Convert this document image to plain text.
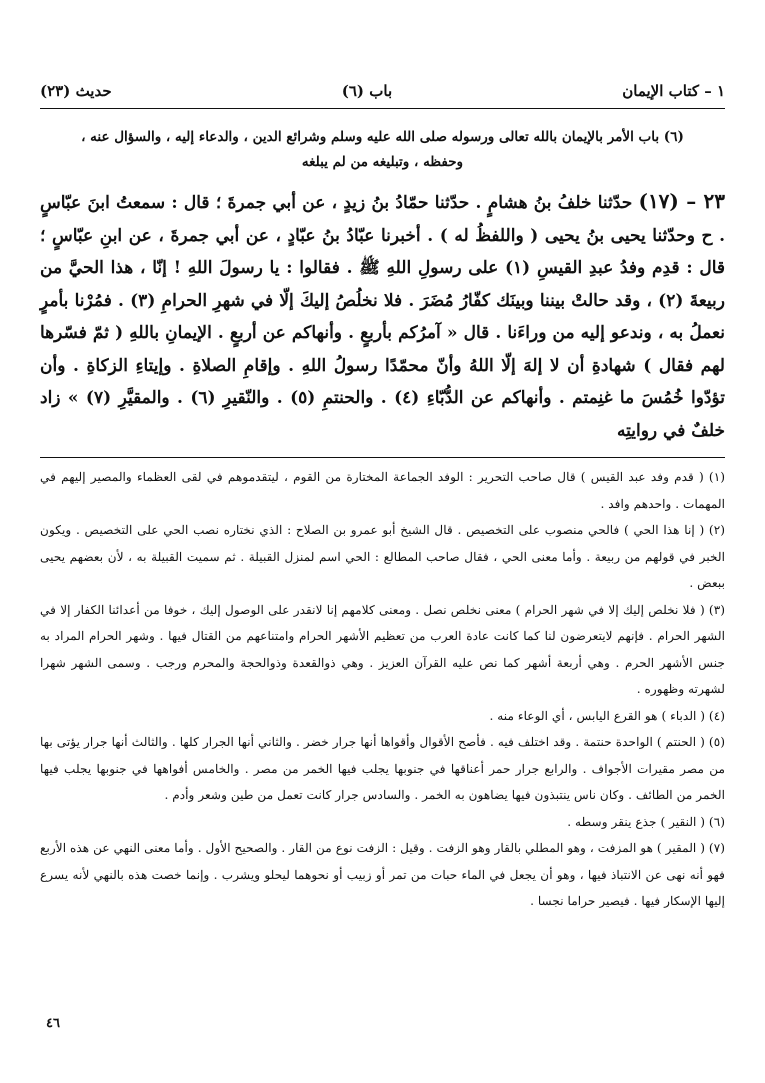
(٢٣) حديث	(٦) باب	١ – كتاب الإيمان
(٦) باب الأمر بالإيمان بالله تعالى ورسوله صلى الله عليه وسلم وشرائع الدين ، والدعاء إليه ، والسؤال عنه ، وحفظه ، وتبليغه من لم يبلغه
٢٣ – (١٧) حدّثنا خلفُ بنُ هشامٍ . حدّثنا حمّادُ بنُ زيدٍ ، عن أبي جمرةَ ؛ قال : سمعتُ ابنَ عبّاسٍ . ح وحدّثنا يحيى بنُ يحيى ( واللفظُ له ) . أخبرنا عبّادُ بنُ عبّادٍ ، عن أبي جمرةَ ، عن ابنِ عبّاسٍ ؛ قال : قدِم وفدُ عبدِ القيسِ (١) على رسولِ اللهِ ﷺ . فقالوا : يا رسولَ اللهِ ! إنّا ، هذا الحيَّ من ربيعةَ (٢) ، وقد حالتْ بيننا وبينَك كفّارُ مُضَرَ . فلا نخلُصُ إليكَ إلّا في شهرِ الحرامِ (٣) . فمُرْنا بأمرٍ نعملُ به ، وندعو إليه من وراءَنا . قال « آمرُكم بأربعٍ . وأنهاكم عن أربعٍ . الإيمانِ باللهِ ( ثمّ فسّرها لهم فقال ) شهادةِ أن لا إلهَ إلّا اللهُ وأنّ محمّدًا رسولُ اللهِ . وإقامِ الصلاةِ . وإيتاءِ الزكاةِ . وأن تؤدّوا خُمُسَ ما غنِمتم . وأنهاكم عن الدُّبّاءِ (٤) . والحنتمِ (٥) . والنّقيرِ (٦) . والمقيَّرِ (٧) » زاد خلفٌ في روايتِه

(١) ( قدم وفد عبد القيس ) قال صاحب التحرير : الوفد الجماعة المختارة من القوم ، ليتقدموهم في لقى العظماء والمصير إليهم في المهمات . واحدهم وافد .

(٢) ( إنا هذا الحي ) فالحي منصوب على التخصيص . قال الشيخ أبو عمرو بن الصلاح : الذي نختاره نصب الحي على التخصيص . ويكون الخبر في قولهم من ربيعة . وأما معنى الحي ، فقال صاحب المطالع : الحي اسم لمنزل القبيلة . ثم سميت القبيلة به ، لأن بعضهم يحيى ببعض .

(٣) ( فلا نخلص إليك إلا في شهر الحرام ) معنى نخلص نصل . ومعنى كلامهم إنا لانقدر على الوصول إليك ، خوفا من أعدائنا الكفار إلا في الشهر الحرام . فإنهم لايتعرضون لنا كما كانت عادة العرب من تعظيم الأشهر الحرام وامتناعهم من القتال فيها . وشهر الحرام المراد به جنس الأشهر الحرم . وهي أربعة أشهر كما نص عليه القرآن العزيز . وهي ذوالقعدة وذوالحجة والمحرم ورجب . وسمى الشهر شهرا لشهرته وظهوره .

(٤) ( الدباء ) هو القرع اليابس ، أي الوعاء منه .

(٥) ( الحنتم ) الواحدة حنتمة . وقد اختلف فيه . فأصح الأقوال وأقواها أنها جرار خضر . والثاني أنها الجرار كلها . والثالث أنها جرار يؤتى بها من مصر مقيرات الأجواف . والرابع جرار حمر أعناقها في جنوبها يجلب فيها الخمر من مصر . والخامس أفواهها في جنوبها يجلب فيها الخمر من الطائف . وكان ناس ينتبذون فيها يضاهون به الخمر . والسادس جرار كانت تعمل من طين وشعر وأدم .

(٦) ( النقير ) جذع ينقر وسطه .

(٧) ( المقير ) هو المزفت ، وهو المطلي بالقار وهو الزفت . وقيل : الزفت نوع من القار . والصحيح الأول . وأما معنى النهي عن هذه الأربع فهو أنه نهى عن الانتباذ فيها ، وهو أن يجعل في الماء حبات من تمر أو زبيب أو نحوهما ليحلو ويشرب . وإنما خصت هذه بالنهي لأنه يسرع إليها الإسكار فيها . فيصير حراما نجسا .

٤٦
